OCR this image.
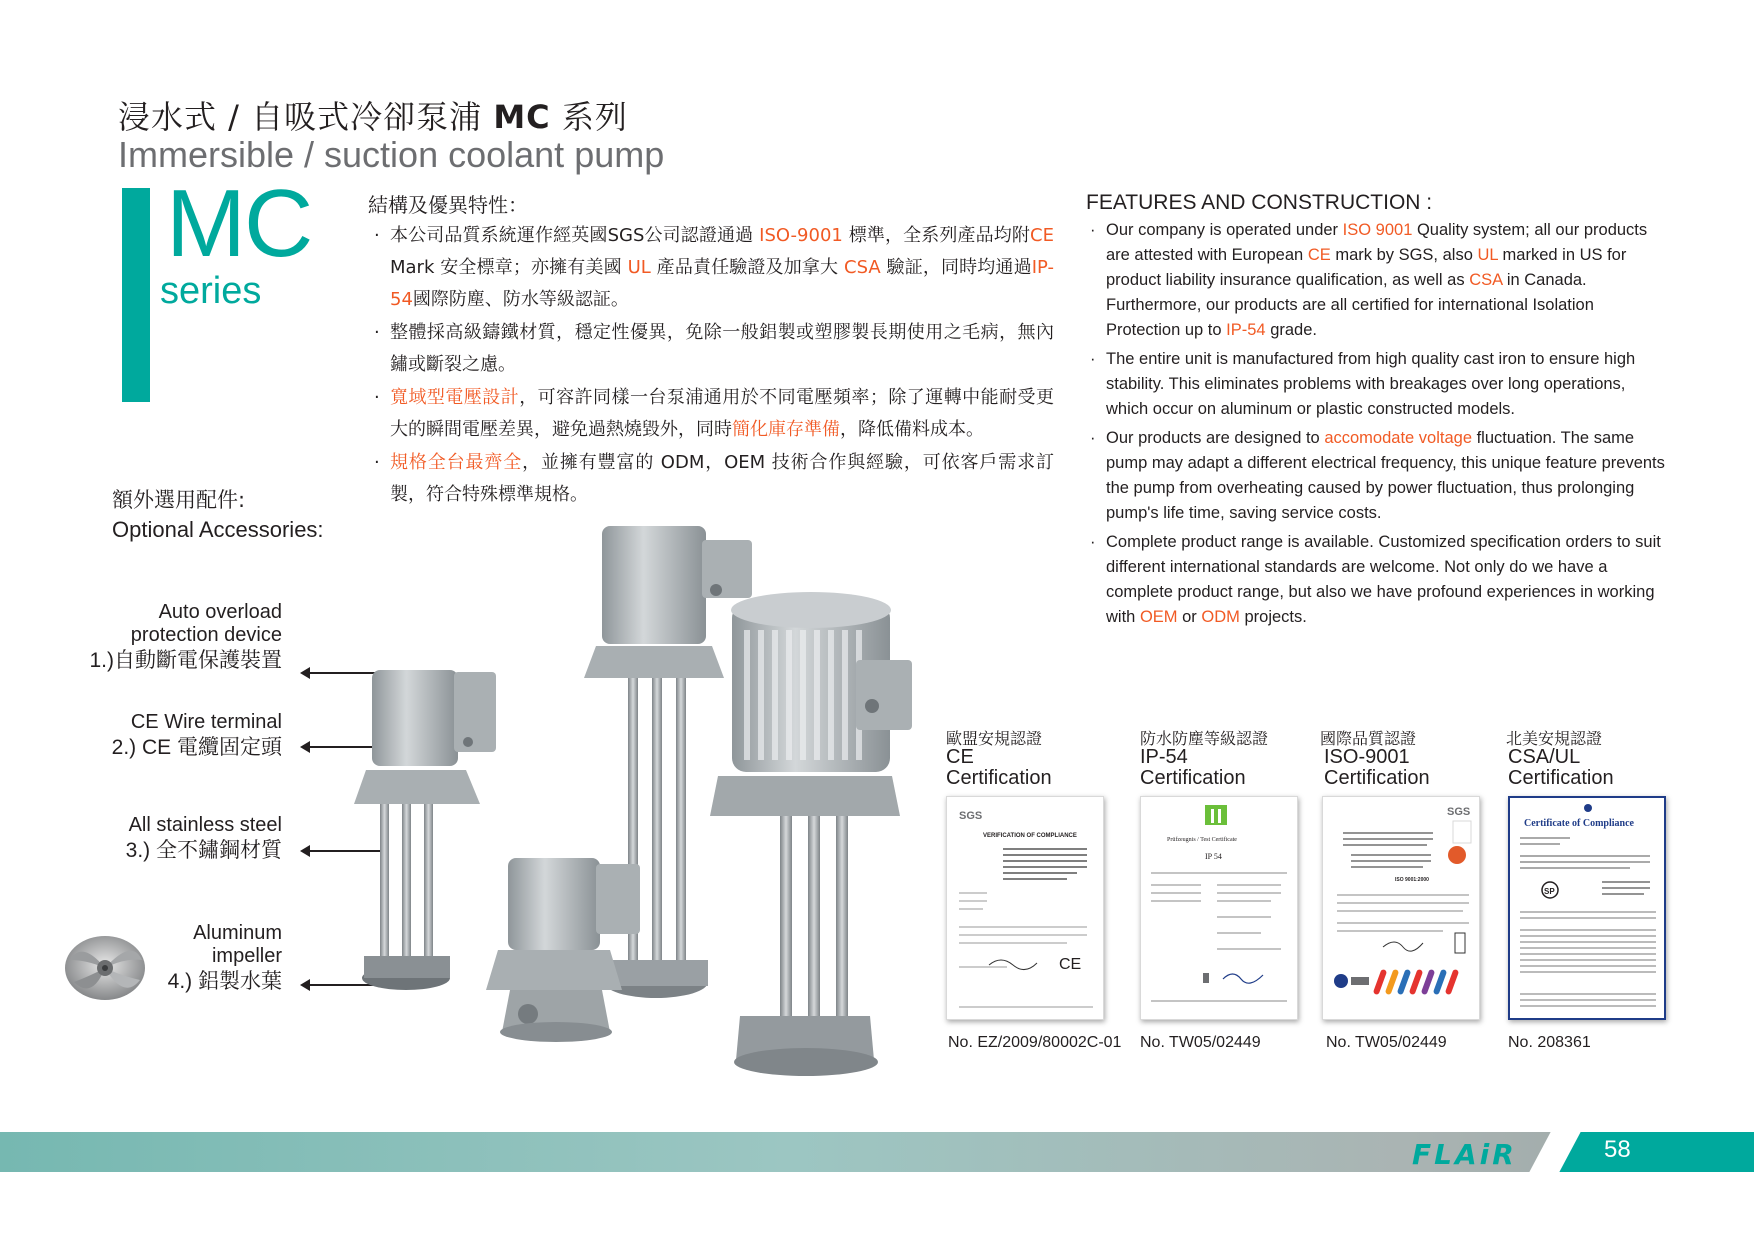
浸水式 / 自吸式冷卻泵浦 MC 系列
Immersible / suction coolant pump
MC
series
結構及優異特性：
· 本公司品質系統運作經英國SGS公司認證通過 ISO-9001 標準，全系列產品均附CE Mark 安全標章；亦擁有美國 UL 產品責任驗證及加拿大 CSA 驗証，同時均通過IP-54國際防塵、防水等級認証。
· 整體採高級鑄鐵材質，穩定性優異，免除一般鋁製或塑膠製長期使用之毛病，無內鏽或斷裂之慮。
· 寬域型電壓設計，可容許同樣一台泵浦通用於不同電壓頻率；除了運轉中能耐受更大的瞬間電壓差異，避免過熱燒毀外，同時簡化庫存準備，降低備料成本。
· 規格全台最齊全，並擁有豐富的 ODM，OEM 技術合作與經驗，可依客戶需求訂製，符合特殊標準規格。
FEATURES AND CONSTRUCTION :
· Our company is operated under ISO 9001 Quality system; all our products are attested with European CE mark by SGS, also UL marked in US for product liability insurance qualification, as well as CSA in Canada. Furthermore, our products are all certified for international Isolation Protection up to IP-54 grade.
· The entire unit is manufactured from high quality cast iron to ensure high stability. This eliminates problems with breakages over long operations, which occur on aluminum or plastic constructed models.
· Our products are designed to accomodate voltage fluctuation. The same pump may adapt a different electrical frequency, this unique feature prevents the pump from overheating caused by power fluctuation, thus prolonging pump's life time, saving service costs.
· Complete product range is available. Customized specification orders to suit different international standards are welcome. Not only do we have a complete product range, but also we have profound experiences in working with OEM or ODM projects.
額外選用配件:
Optional Accessories:
Auto overload
protection device
1.)自動斷電保護裝置
CE Wire terminal
2.) CE 電纜固定頭
All stainless steel
3.) 全不鏽鋼材質
Aluminum
impeller
4.) 鋁製水葉
歐盟安規認證
CE
Certification
防水防塵等級認證
IP-54
Certification
國際品質認證
ISO-9001
Certification
北美安規認證
CSA/UL
Certification
SGS
VERIFICATION OF COMPLIANCE
CE
No. EZ/2009/80002C-01
Prüfzeugnis / Test Certificate
IP 54
No. TW05/02449
SGS
ISO 9001:2000
No. TW05/02449
Certificate of Compliance
SP
No. 208361
FLAiR	58
